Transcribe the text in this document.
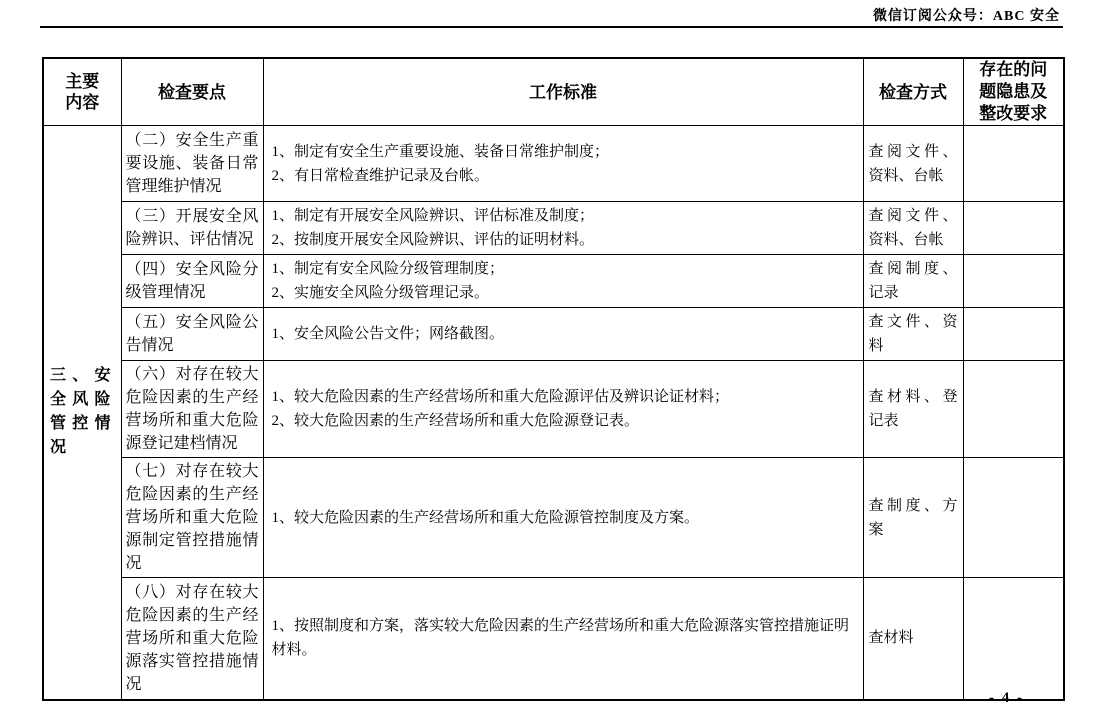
微信订阅公众号：ABC 安全
主要内容	检查要点	工作标准	检查方式	存在的问题隐患及整改要求
三、安全风险管控情况	（二）安全生产重要设施、装备日常管理维护情况	1、制定有安全生产重要设施、装备日常维护制度；
2、有日常检查维护记录及台帐。	查阅文件、资料、台帐	
	（三）开展安全风险辨识、评估情况	1、制定有开展安全风险辨识、评估标准及制度；
2、按制度开展安全风险辨识、评估的证明材料。	查阅文件、资料、台帐	
	（四）安全风险分级管理情况	1、制定有安全风险分级管理制度；
2、实施安全风险分级管理记录。	查阅制度、记录	
	（五）安全风险公告情况	1、安全风险公告文件；网络截图。	查文件、资料	
	（六）对存在较大危险因素的生产经营场所和重大危险源登记建档情况	1、较大危险因素的生产经营场所和重大危险源评估及辨识论证材料；
2、较大危险因素的生产经营场所和重大危险源登记表。	查材料、登记表	
	（七）对存在较大危险因素的生产经营场所和重大危险源制定管控措施情况	1、较大危险因素的生产经营场所和重大危险源管控制度及方案。	查制度、方案	
	（八）对存在较大危险因素的生产经营场所和重大危险源落实管控措施情况	1、按照制度和方案，落实较大危险因素的生产经营场所和重大危险源落实管控措施证明材料。	查材料	
- 4 -
